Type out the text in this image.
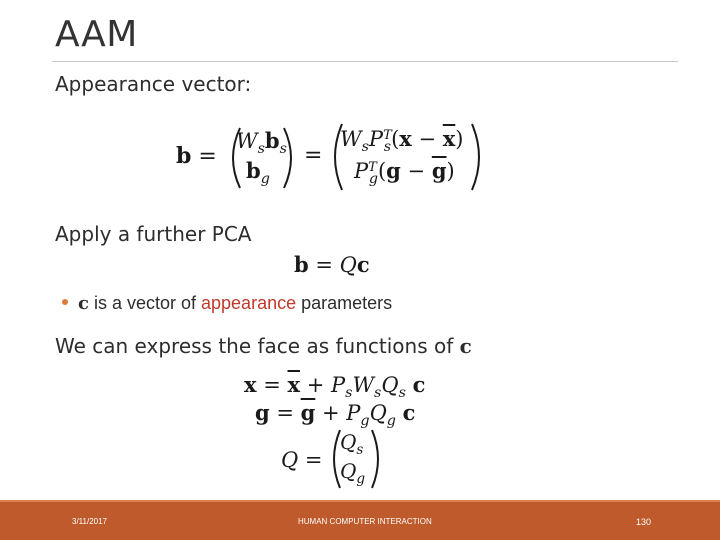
AAM
Appearance vector:
b =
$W_sb_s$
$b_g$
=
$W_sP^T_s(x - \overline{x})$
$P^T_g(g - \overline{g})$
Apply a further PCA
b = Qc
c is a vector of appearance parameters
We can express the face as functions of c
$x = \overline{x} + P_sW_sQ_s$ c
$g = \overline{g} + P_gQ_g$ c
Q =
$Q_s$
$Q_g$
3/11/2017	HUMAN COMPUTER INTERACTION	130
